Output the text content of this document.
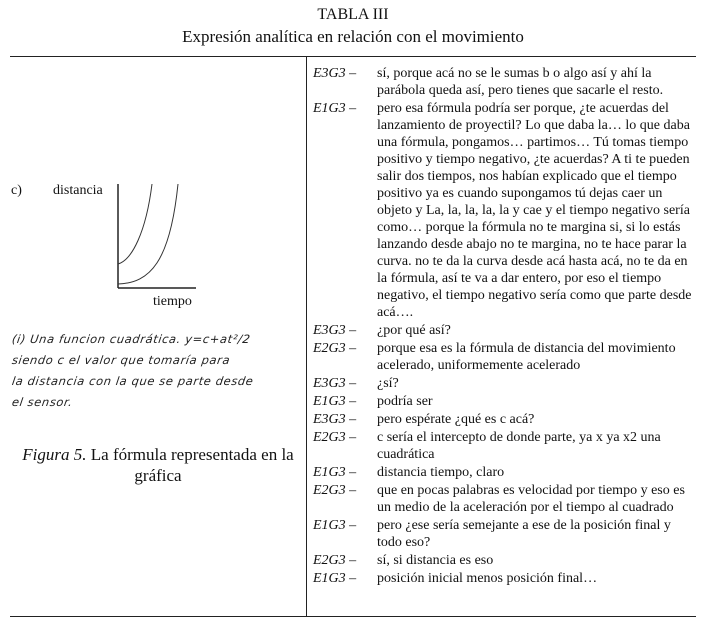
TABLA III
Expresión analítica en relación con el movimiento
c) distancia
tiempo
(i) Una funcion cuadrática. y=c+at²/2
siendo c el valor que tomaría para
la distancia con la que se parte desde
el sensor.
Figura 5. La fórmula representada en la gráfica
E3G3 –	sí, porque acá no se le sumas b o algo así y ahí la parábola queda así, pero tienes que sacarle el resto.
E1G3 –	pero esa fórmula podría ser porque, ¿te acuerdas del lanzamiento de proyectil? Lo que daba la… lo que daba una fórmula, pongamos… partimos… Tú tomas tiempo positivo y tiempo negativo, ¿te acuerdas? A ti te pueden salir dos tiempos, nos habían explicado que el tiempo positivo ya es cuando supongamos tú dejas caer un objeto y La, la, la, la, la y cae y el tiempo negativo sería como… porque la fórmula no te margina si, si lo estás lanzando desde abajo no te margina, no te hace parar la curva. no te da la curva desde acá hasta acá, no te da en la fórmula, así te va a dar entero, por eso el tiempo negativo, el tiempo negativo sería como que parte desde acá….
E3G3 –	¿por qué así?
E2G3 –	porque esa es la fórmula de distancia del movimiento acelerado, uniformemente acelerado
E3G3 –	¿sí?
E1G3 –	podría ser
E3G3 –	pero espérate ¿qué es c acá?
E2G3 –	c sería el intercepto de donde parte, ya x ya x2 una cuadrática
E1G3 –	distancia tiempo, claro
E2G3 –	que en pocas palabras es velocidad por tiempo y eso es un medio de la aceleración por el tiempo al cuadrado
E1G3 –	pero ¿ese sería semejante a ese de la posición final y todo eso?
E2G3 –	sí, si distancia es eso
E1G3 –	posición inicial menos posición final…
